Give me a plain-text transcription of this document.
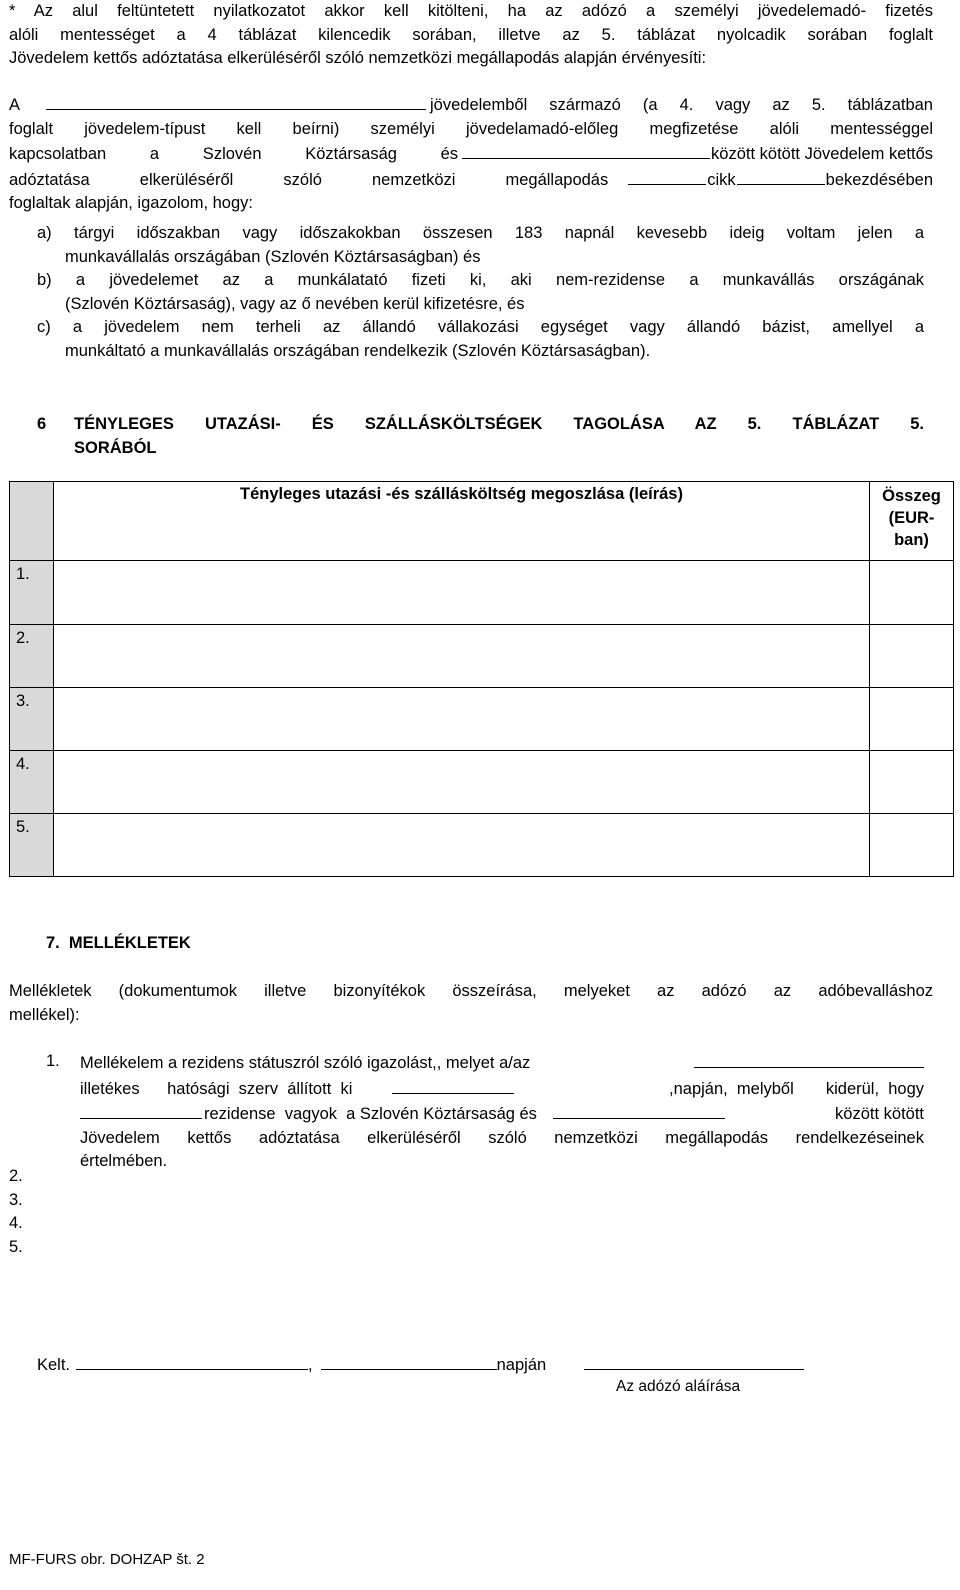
* Az alul feltüntetett nyilatkozatot akkor kell kitölteni, ha az adózó a személyi jövedelemadó- fizetés
alóli mentességet a 4 táblázat kilencedik sorában, illetve az 5. táblázat nyolcadik sorában foglalt
Jövedelem kettős adóztatása elkerüléséről szóló nemzetközi megállapodás alapján érvényesíti:
A	jövedelemből származó (a 4. vagy az 5. táblázatban
foglalt jövedelem-típust kell beírni) személyi jövedelamadó-előleg megfizetése alóli mentességgel
kapcsolatban a Szlovén Köztársaság és	között kötött Jövedelem kettős
adóztatása elkerüléséről szóló nemzetközi megállapodás	cikk	bekezdésében
foglaltak alapján, igazolom, hogy:
a) tárgyi időszakban vagy időszakokban összesen 183 napnál kevesebb ideig voltam jelen a
munkavállalás országában (Szlovén Köztársaságban) és
b) a jövedelemet az a munkálatató fizeti ki, aki nem-rezidense a munkavállás országának
(Szlovén Köztársaság), vagy az ő nevében kerül kifizetésre, és
c) a jövedelem nem terheli az állandó vállakozási egységet vagy állandó bázist, amellyel a
munkáltató a munkavállalás országában rendelkezik (Szlovén Köztársaságban).
6 TÉNYLEGES UTAZÁSI- ÉS SZÁLLÁSKÖLTSÉGEK TAGOLÁSA AZ 5. TÁBLÁZAT 5.
SORÁBÓL
	Tényleges utazási -és szállásköltség megoszlása (leírás)	Összeg
(EUR-
ban)

1.		
2.		
3.		
4.		
5.		
7.  MELLÉKLETEK
Mellékletek (dokumentumok illetve bizonyítékok összeírása, melyeket az adózó az adóbevalláshoz
mellékel):
1. Mellékelem a rezidens státuszról szóló igazolást,, melyet a/az
illetékes      hatósági  szerv  állított  ki	,napján,  melyből       kiderül,  hogy
rezidense  vagyok  a Szlovén Köztársaság és	között kötött
Jövedelem kettős adóztatása elkerüléséről szóló nemzetközi megállapodás rendelkezéseinek
értelmében.
2.
3.
4.
5.
Kelt.	,	napján
Az adózó aláírása
MF-FURS obr. DOHZAP št. 2
